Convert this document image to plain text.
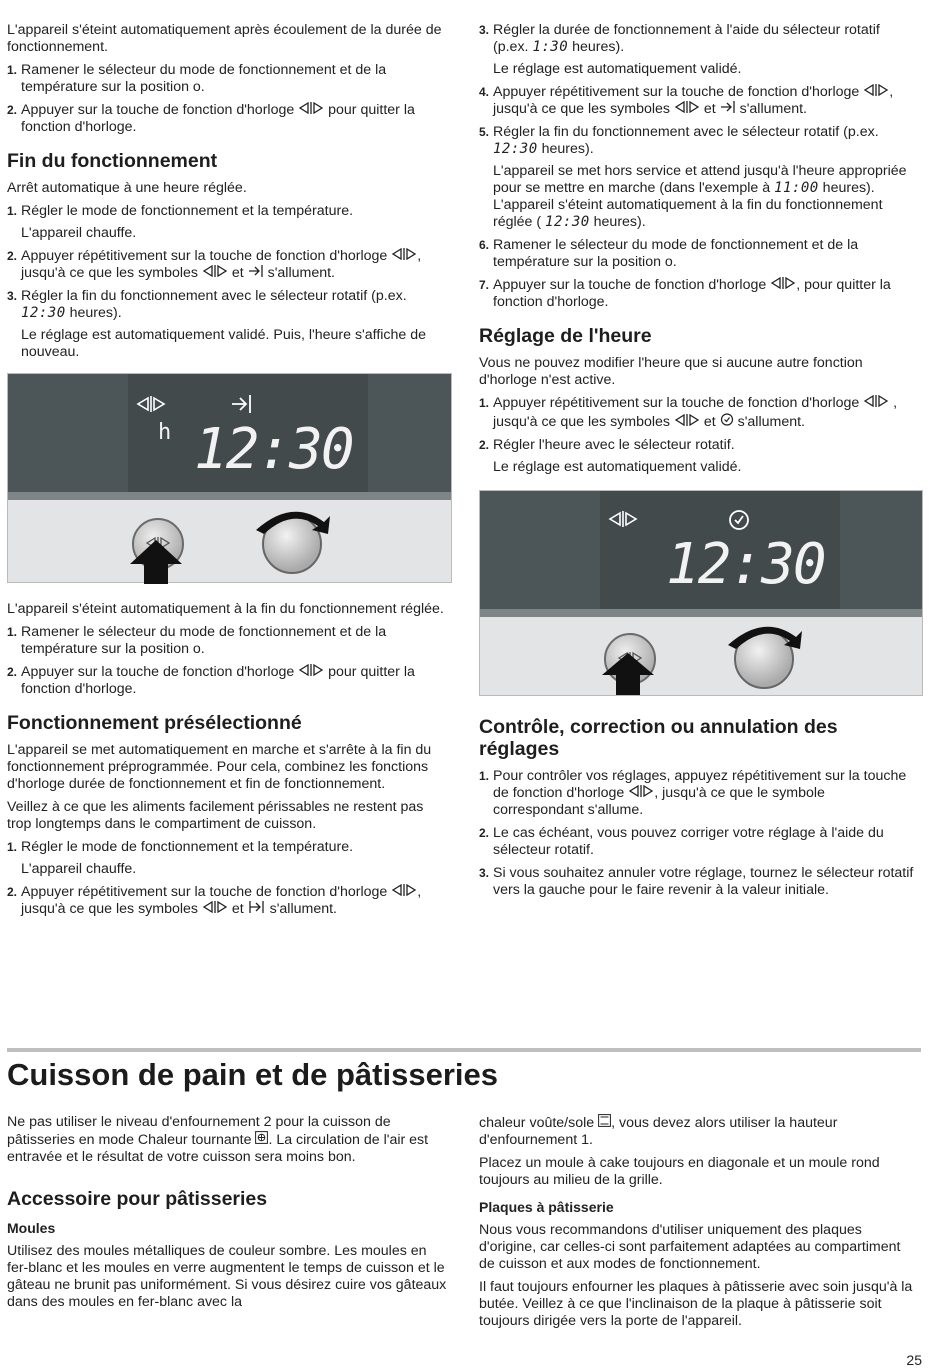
L'appareil s'éteint automatiquement après écoulement de la durée de fonctionnement.

1. Ramener le sélecteur du mode de fonctionnement et de la température sur la position o.
2. Appuyer sur la touche de fonction d'horloge  pour quitter la fonction d'horloge.
Fin du fonctionnement

Arrêt automatique à une heure réglée.

1. Régler le mode de fonctionnement et la température.
L'appareil chauffe.
2. Appuyer répétitivement sur la touche de fonction d'horloge , jusqu'à ce que les symboles  et  s'allument.
3. Régler la fin du fonctionnement avec le sélecteur rotatif (p.ex. 12:30 heures).
Le réglage est automatiquement validé. Puis, l'heure s'affiche de nouveau.
h 12:30

L'appareil s'éteint automatiquement à la fin du fonctionnement réglée.

1. Ramener le sélecteur du mode de fonctionnement et de la température sur la position o.
2. Appuyer sur la touche de fonction d'horloge  pour quitter la fonction d'horloge.
Fonctionnement présélectionné

L'appareil se met automatiquement en marche et s'arrête à la fin du fonctionnement préprogrammée. Pour cela, combinez les fonctions d'horloge durée de fonctionnement et fin de fonctionnement.

Veillez à ce que les aliments facilement périssables ne restent pas trop longtemps dans le compartiment de cuisson.

1. Régler le mode de fonctionnement et la température.
L'appareil chauffe.
2. Appuyer répétitivement sur la touche de fonction d'horloge , jusqu'à ce que les symboles  et  s'allument.
3. Régler la durée de fonctionnement à l'aide du sélecteur rotatif (p.ex. 1:30 heures).
Le réglage est automatiquement validé.
4. Appuyer répétitivement sur la touche de fonction d'horloge , jusqu'à ce que les symboles  et  s'allument.
5. Régler la fin du fonctionnement avec le sélecteur rotatif (p.ex. 12:30 heures).
L'appareil se met hors service et attend jusqu'à l'heure appropriée pour se mettre en marche (dans l'exemple à 11:00 heures). L'appareil s'éteint automatiquement à la fin du fonctionnement réglée ( 12:30 heures).
6. Ramener le sélecteur du mode de fonctionnement et de la température sur la position o.
7. Appuyer sur la touche de fonction d'horloge , pour quitter la fonction d'horloge.
Réglage de l'heure

Vous ne pouvez modifier l'heure que si aucune autre fonction d'horloge n'est active.

1. Appuyer répétitivement sur la touche de fonction d'horloge  , jusqu'à ce que les symboles  et  s'allument.
2. Régler l'heure avec le sélecteur rotatif.
Le réglage est automatiquement validé.
12:30
Contrôle, correction ou annulation des réglages
1. Pour contrôler vos réglages, appuyez répétitivement sur la touche de fonction d'horloge , jusqu'à ce que le symbole correspondant s'allume.
2. Le cas échéant, vous pouvez corriger votre réglage à l'aide du sélecteur rotatif.
3. Si vous souhaitez annuler votre réglage, tournez le sélecteur rotatif vers la gauche pour le faire revenir à la valeur initiale.
Cuisson de pain et de pâtisseries

Ne pas utiliser le niveau d'enfournement 2 pour la cuisson de pâtisseries en mode Chaleur tournante . La circulation de l'air est entravée et le résultat de votre cuisson sera moins bon.

Accessoire pour pâtisseries
Moules

Utilisez des moules métalliques de couleur sombre. Les moules en fer-blanc et les moules en verre augmentent le temps de cuisson et le gâteau ne brunit pas uniformément. Si vous désirez cuire vos gâteaux dans des moules en fer-blanc avec la

chaleur voûte/sole , vous devez alors utiliser la hauteur d'enfournement 1.

Placez un moule à cake toujours en diagonale et un moule rond toujours au milieu de la grille.

Plaques à pâtisserie

Nous vous recommandons d'utiliser uniquement des plaques d'origine, car celles-ci sont parfaitement adaptées au compartiment de cuisson et aux modes de fonctionnement.

Il faut toujours enfourner les plaques à pâtisserie avec soin jusqu'à la butée. Veillez à ce que l'inclinaison de la plaque à pâtisserie soit toujours dirigée vers la porte de l'appareil.

25
